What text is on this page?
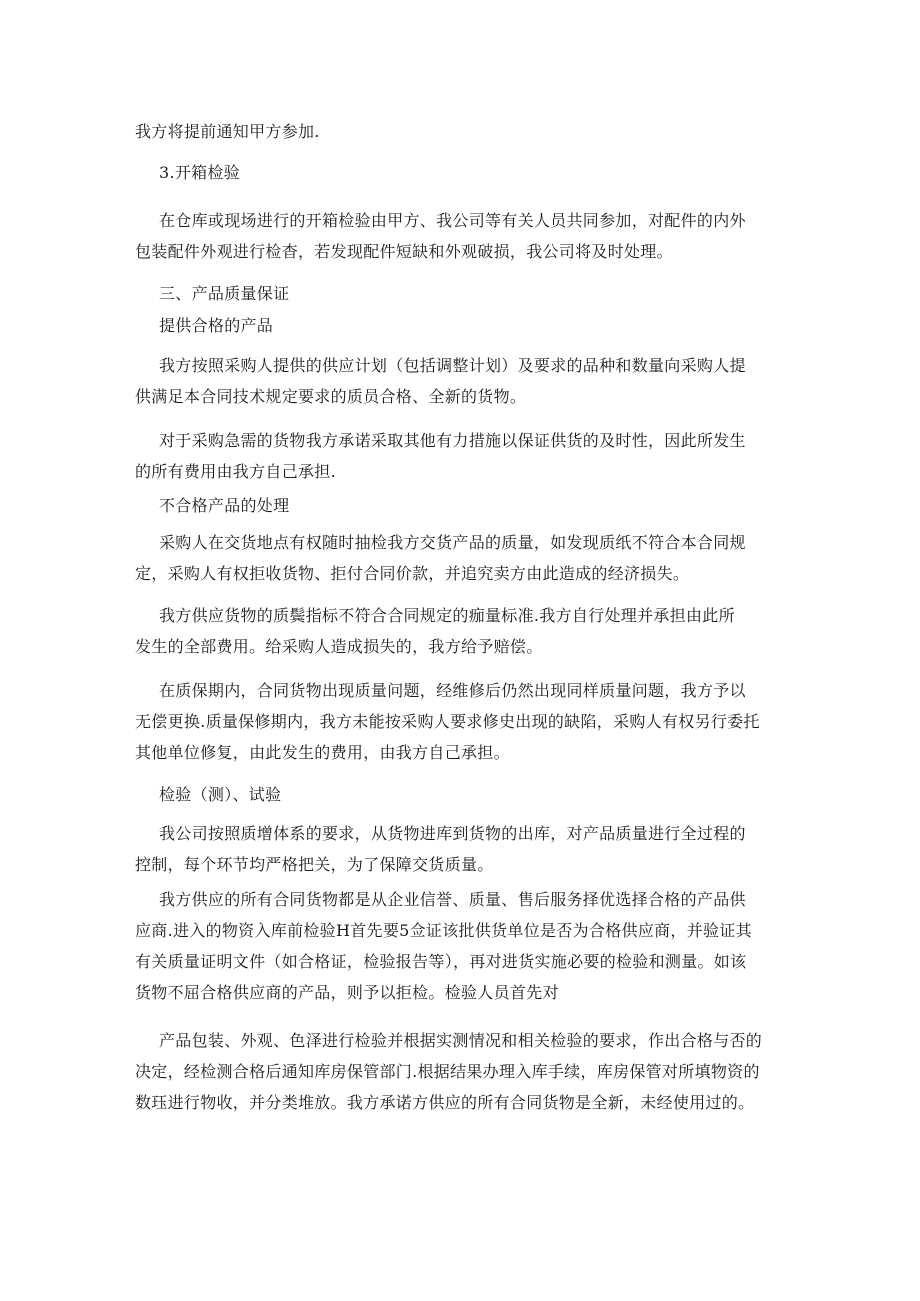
我方将提前通知甲方参加.
3.开箱检验
在仓库或现场进行的开箱检验由甲方、我公司等有关人员共同参加，对配件的内外
包装配件外观进行检杳，若发现配件短缺和外观破损，我公司将及时处理。
三、产品质量保证
提供合格的产品
我方按照采购人提供的供应计划（包括调整计划）及要求的品种和数量向采购人提
供满足本合同技术规定要求的质员合格、全新的货物。
对于采购急需的货物我方承诺采取其他有力措施以保证供货的及时性，因此所发生
的所有费用由我方自己承担.
不合格产品的处理
采购人在交货地点有权随时抽检我方交货产品的质量，如发现质纸不符合本合同规
定，采购人有权拒收货物、拒付合同价款，并追究卖方由此造成的经济损失。
我方供应货物的质鬓指标不符合合同规定的痂量标准.我方自行处理并承担由此所
发生的全部费用。给采购人造成损失的，我方给予赔偿。
在质保期内，合同货物出现质量问题，经维修后仍然出现同样质量问题，我方予以
无偿更换.质量保修期内，我方未能按采购人要求修史出现的缺陷，采购人有权另行委托
其他单位修复，由此发生的费用，由我方自己承担。
检验（测）、试验
我公司按照质增体系的要求，从货物进库到货物的出库，对产品质量进行全过程的
控制，每个环节均严格把关，为了保障交货质量。
我方供应的所有合同货物都是从企业信誉、质量、售后服务择优选择合格的产品供
应商.进入的物资入库前检验H首先要5佥证该批供货单位是否为合格供应商，并验证其
有关质量证明文件（如合格证，检验报告等），再对进货实施必要的检验和测量。如该
货物不屈合格供应商的产品，则予以拒检。检验人员首先对
产品包装、外观、色泽进行检验并根据实测情况和相关检验的要求，作出合格与否的
决定，经检测合格后通知库房保管部门.根据结果办理入库手续，库房保管对所填物资的
数珏进行物收，并分类堆放。我方承诺方供应的所有合同货物是全新，未经使用过的。
